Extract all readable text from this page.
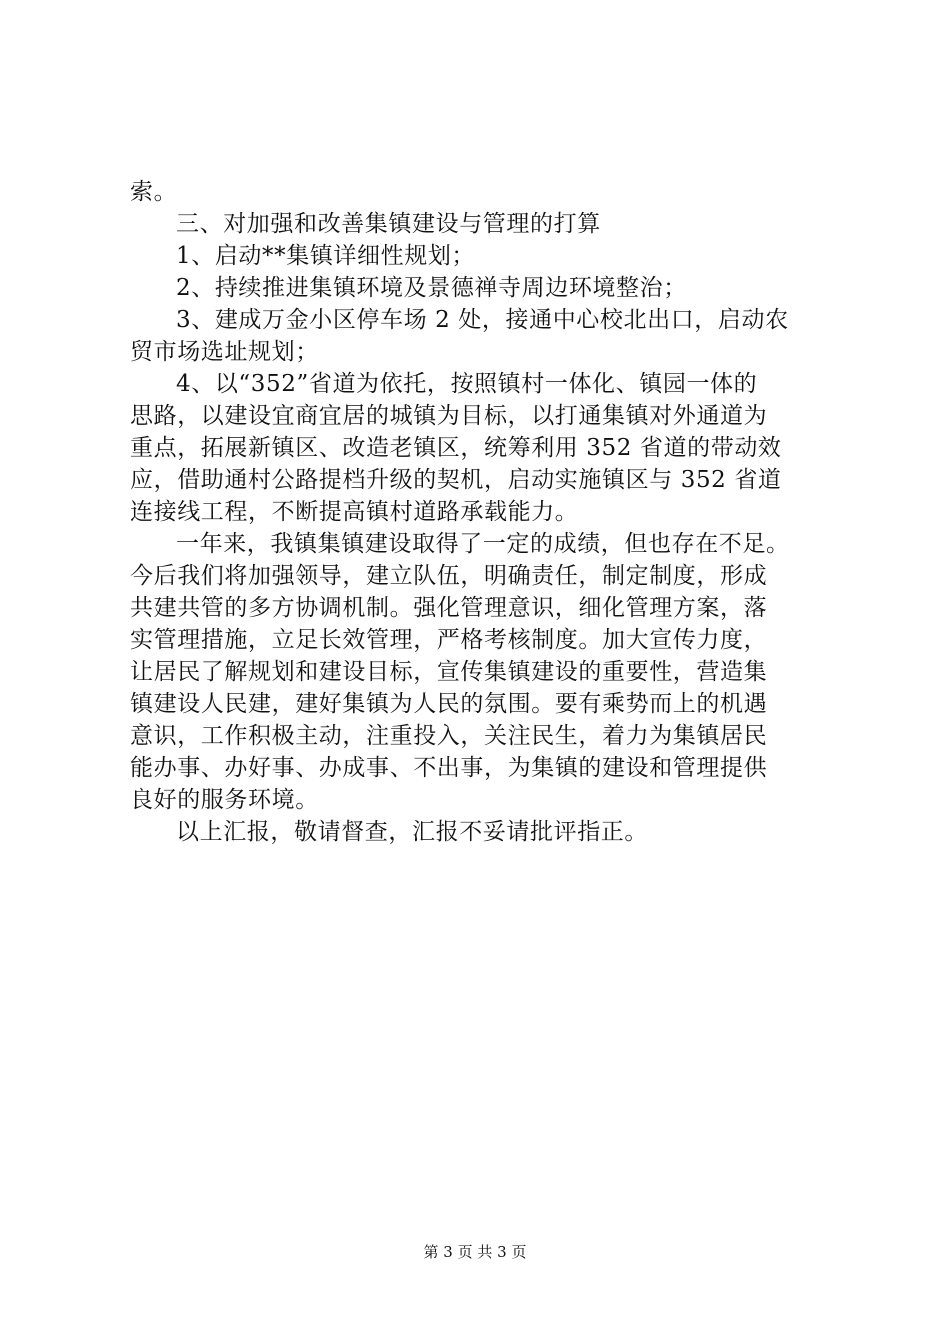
索。
三、对加强和改善集镇建设与管理的打算
1、启动**集镇详细性规划；
2、持续推进集镇环境及景德禅寺周边环境整治；
3、建成万金小区停车场 2 处，接通中心校北出口，启动农
贸市场选址规划；
4、以“352”省道为依托，按照镇村一体化、镇园一体的
思路，以建设宜商宜居的城镇为目标，以打通集镇对外通道为
重点，拓展新镇区、改造老镇区，统筹利用 352 省道的带动效
应，借助通村公路提档升级的契机，启动实施镇区与 352 省道
连接线工程，不断提高镇村道路承载能力。
一年来，我镇集镇建设取得了一定的成绩，但也存在不足。
今后我们将加强领导，建立队伍，明确责任，制定制度，形成
共建共管的多方协调机制。强化管理意识，细化管理方案，落
实管理措施，立足长效管理，严格考核制度。加大宣传力度，
让居民了解规划和建设目标，宣传集镇建设的重要性，营造集
镇建设人民建，建好集镇为人民的氛围。要有乘势而上的机遇
意识，工作积极主动，注重投入，关注民生，着力为集镇居民
能办事、办好事、办成事、不出事，为集镇的建设和管理提供
良好的服务环境。
以上汇报，敬请督查，汇报不妥请批评指正。
第 3 页 共 3 页
